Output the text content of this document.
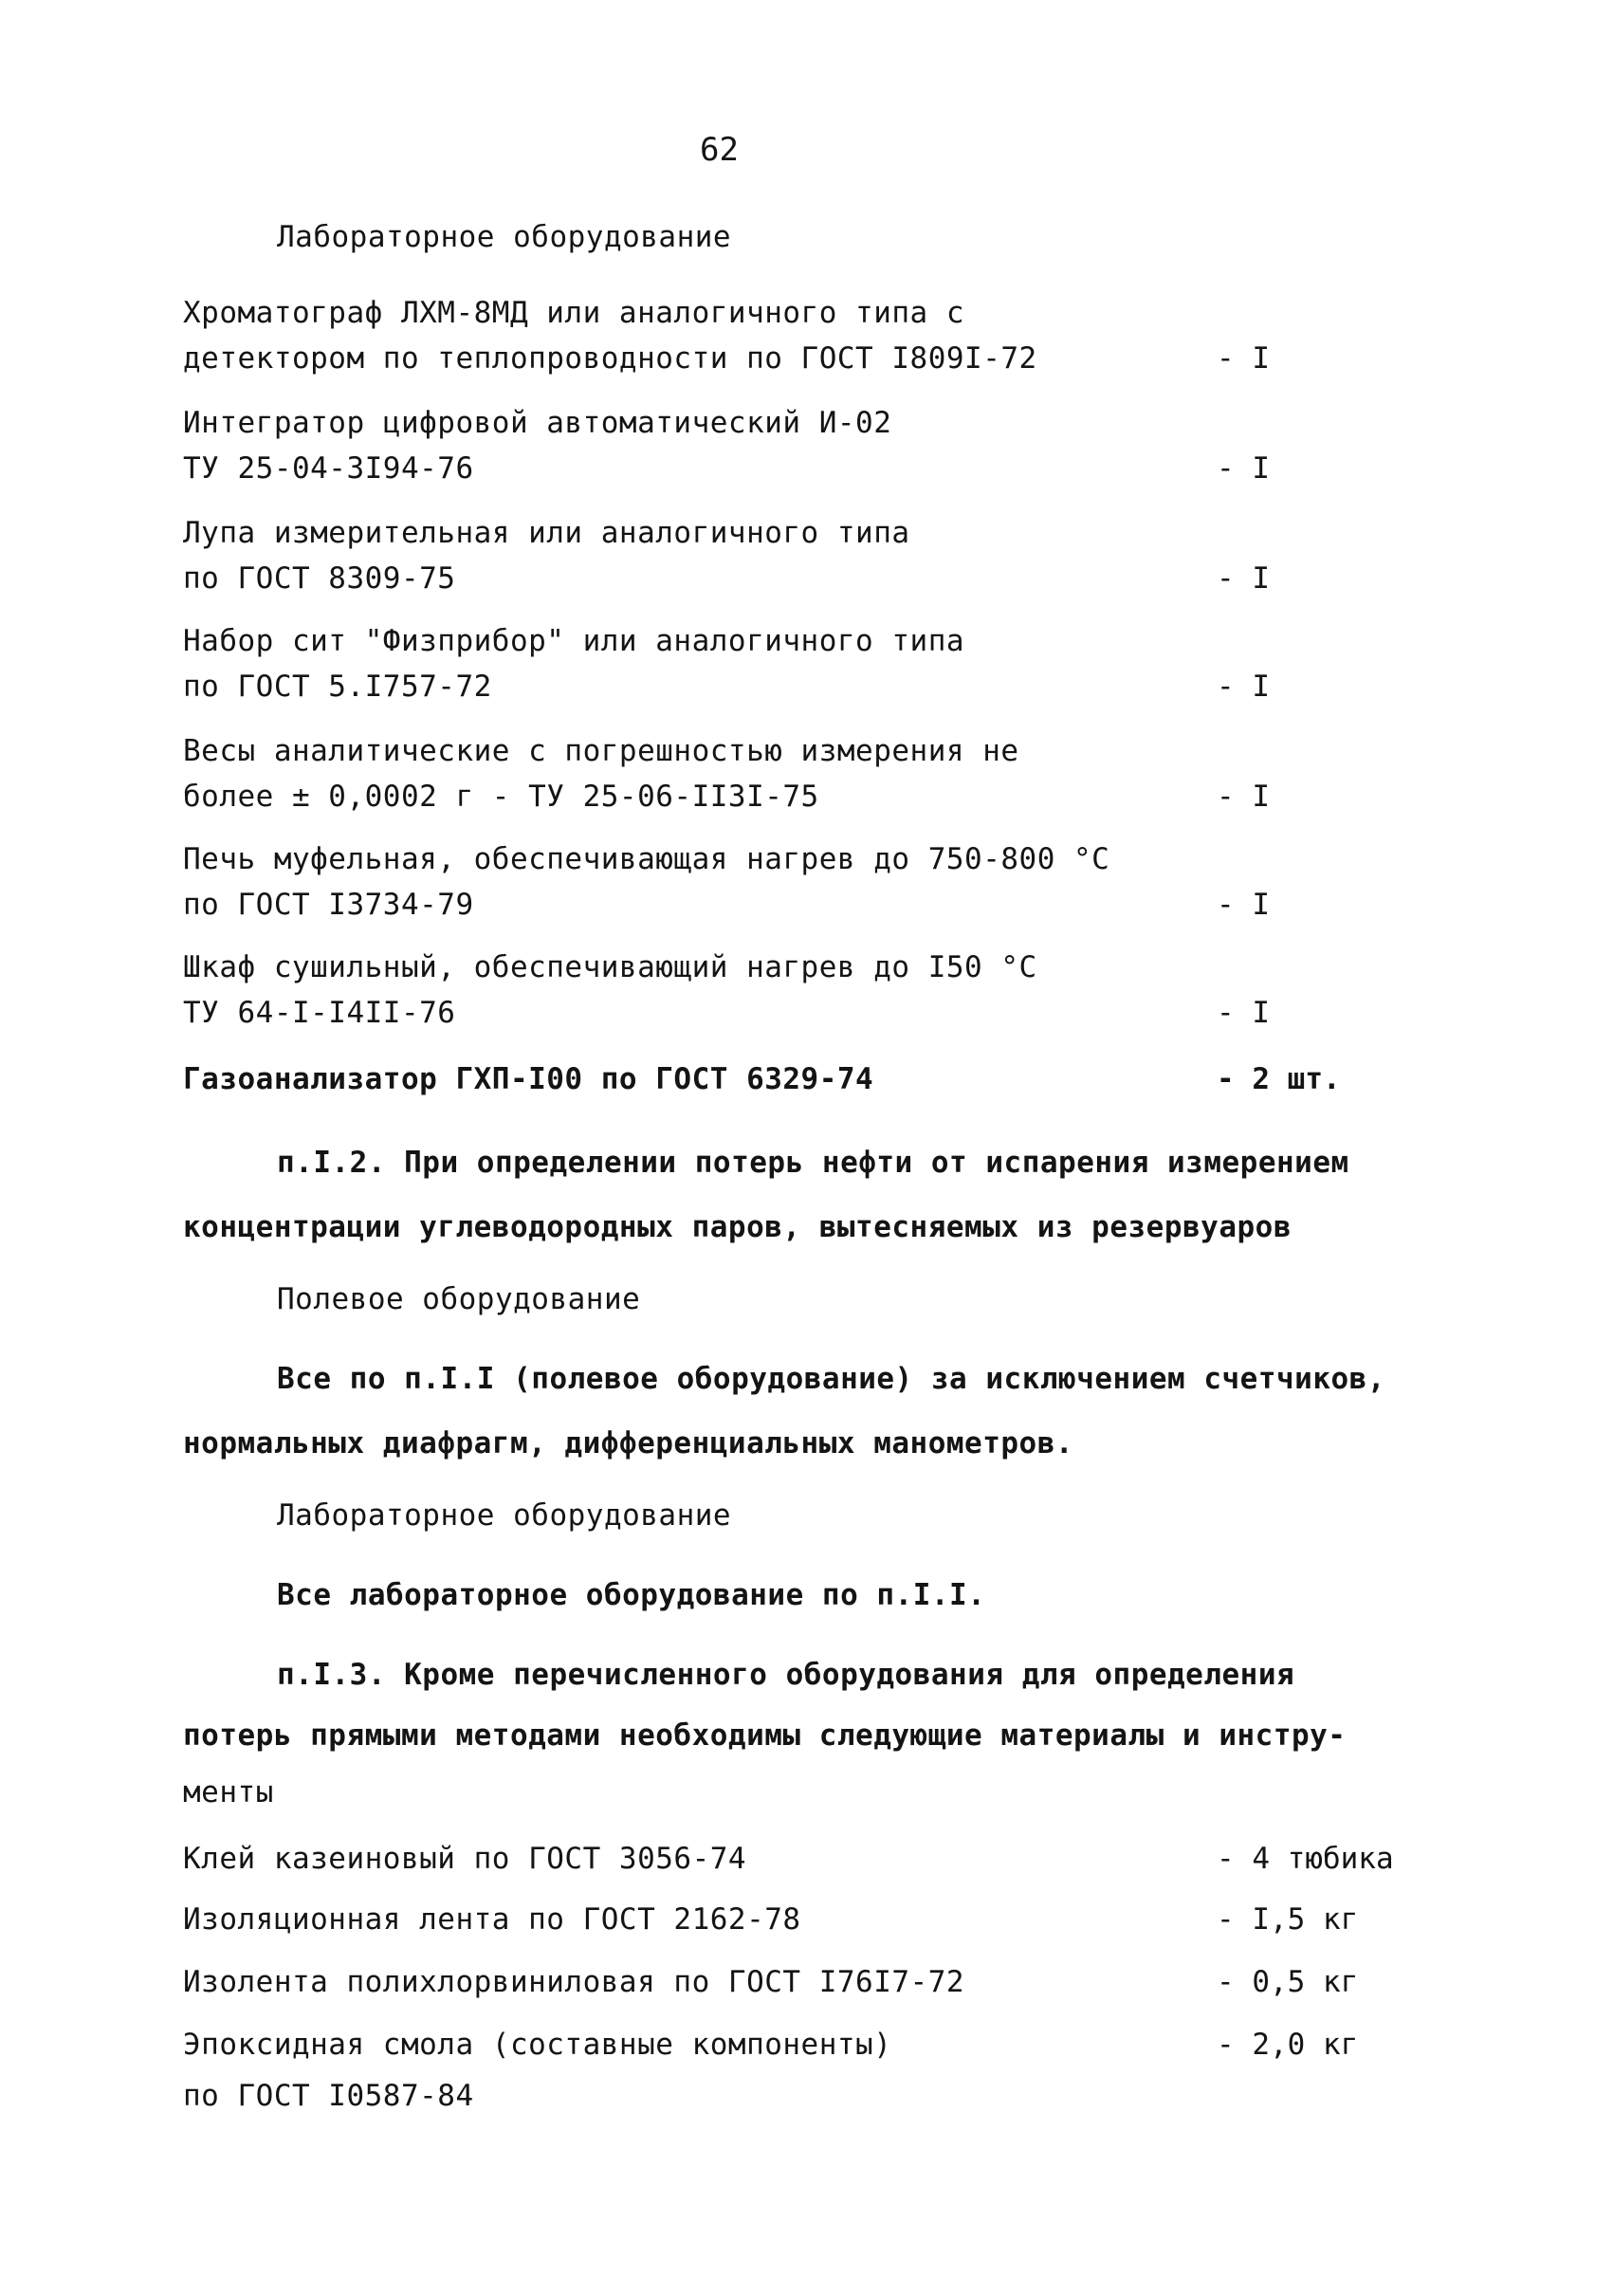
62
Лабораторное оборудование
Хроматограф ЛХМ-8МД или аналогичного типа с
детектором по теплопроводности по ГОСТ I809I-72	- I
Интегратор цифровой автоматический И-02
ТУ 25-04-3I94-76	- I
Лупа измерительная или аналогичного типа
по ГОСТ 8309-75	- I
Набор сит "Физприбор" или аналогичного типа
по ГОСТ 5.I757-72	- I
Весы аналитические с погрешностью измерения не
более ± 0,0002 г - ТУ 25-06-II3I-75	- I
Печь муфельная, обеспечивающая нагрев до 750-800 °С
по ГОСТ I3734-79	- I
Шкаф сушильный, обеспечивающий нагрев до I50 °С
ТУ 64-I-I4II-76	- I
Газоанализатор ГХП-I00 по ГОСТ 6329-74	- 2 шт.
п.I.2. При определении потерь нефти от испарения измерением
концентрации углеводородных паров, вытесняемых из резервуаров
Полевое оборудование
Все по п.I.I (полевое оборудование) за исключением счетчиков,
нормальных диафрагм, дифференциальных манометров.
Лабораторное оборудование
Все лабораторное оборудование по п.I.I.
п.I.3. Кроме перечисленного оборудования для определения
потерь прямыми методами необходимы следующие материалы и инстру-
менты
Клей казеиновый по ГОСТ 3056-74	- 4 тюбика
Изоляционная лента по ГОСТ 2162-78	- I,5 кг
Изолента полихлорвиниловая по ГОСТ I76I7-72	- 0,5 кг
Эпоксидная смола (составные компоненты)	- 2,0 кг
по ГОСТ I0587-84
